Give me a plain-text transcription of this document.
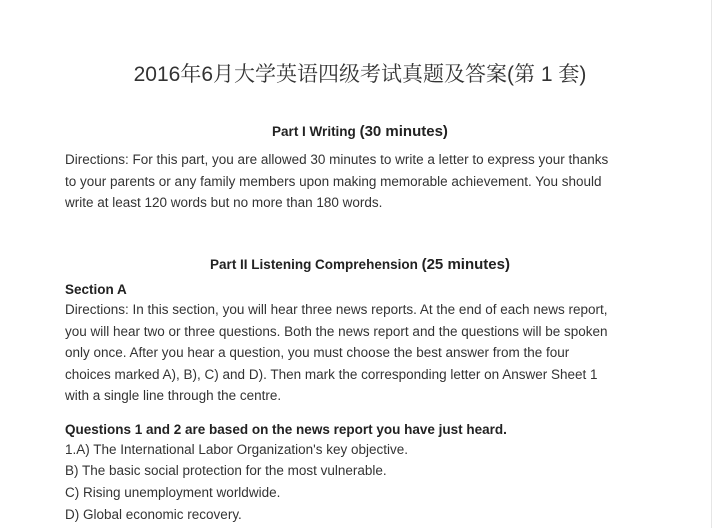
2016年6月大学英语四级考试真题及答案(第 1 套)
Part I Writing (30 minutes)
Directions: For this part, you are allowed 30 minutes to write a letter to express your thanks
to your parents or any family members upon making memorable achievement. You should
write at least 120 words but no more than 180 words.
Part II Listening Comprehension (25 minutes)
Section A
Directions: In this section, you will hear three news reports. At the end of each news report,
you will hear two or three questions. Both the news report and the questions will be spoken
only once. After you hear a question, you must choose the best answer from the four
choices marked A), B), C) and D). Then mark the corresponding letter on Answer Sheet 1
with a single line through the centre.
Questions 1 and 2 are based on the news report you have just heard.
1.A) The International Labor Organization's key objective.
B) The basic social protection for the most vulnerable.
C) Rising unemployment worldwide.
D) Global economic recovery.
